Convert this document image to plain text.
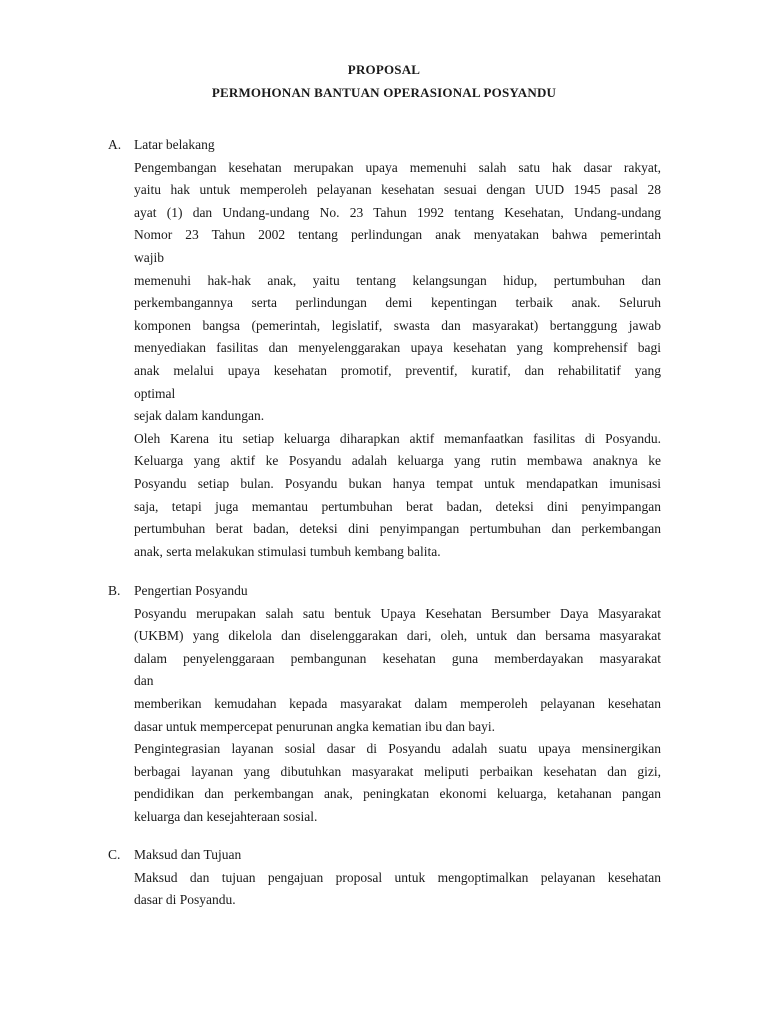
PROPOSAL
PERMOHONAN BANTUAN OPERASIONAL POSYANDU
A. Latar belakang
Pengembangan kesehatan merupakan upaya memenuhi salah satu hak dasar rakyat,
yaitu hak untuk memperoleh pelayanan kesehatan sesuai dengan UUD 1945 pasal 28
ayat (1) dan Undang-undang No. 23 Tahun 1992 tentang Kesehatan, Undang-undang
Nomor 23 Tahun 2002 tentang perlindungan anak menyatakan bahwa pemerintah
wajib
memenuhi hak-hak anak, yaitu tentang kelangsungan hidup, pertumbuhan dan
perkembangannya serta perlindungan demi kepentingan terbaik anak. Seluruh
komponen bangsa (pemerintah, legislatif, swasta dan masyarakat) bertanggung jawab
menyediakan fasilitas dan menyelenggarakan upaya kesehatan yang komprehensif bagi
anak melalui upaya kesehatan promotif, preventif, kuratif, dan rehabilitatif yang
optimal
sejak dalam kandungan.
Oleh Karena itu setiap keluarga diharapkan aktif memanfaatkan fasilitas di Posyandu.
Keluarga yang aktif ke Posyandu adalah keluarga yang rutin membawa anaknya ke
Posyandu setiap bulan. Posyandu bukan hanya tempat untuk mendapatkan imunisasi
saja, tetapi juga memantau pertumbuhan berat badan, deteksi dini penyimpangan
pertumbuhan berat badan, deteksi dini penyimpangan pertumbuhan dan perkembangan
anak, serta melakukan stimulasi tumbuh kembang balita.
B. Pengertian Posyandu
Posyandu merupakan salah satu bentuk Upaya Kesehatan Bersumber Daya Masyarakat
(UKBM) yang dikelola dan diselenggarakan dari, oleh, untuk dan bersama masyarakat
dalam penyelenggaraan pembangunan kesehatan guna memberdayakan masyarakat
dan
memberikan kemudahan kepada masyarakat dalam memperoleh pelayanan kesehatan
dasar untuk mempercepat penurunan angka kematian ibu dan bayi.
Pengintegrasian layanan sosial dasar di Posyandu adalah suatu upaya mensinergikan
berbagai layanan yang dibutuhkan masyarakat meliputi perbaikan kesehatan dan gizi,
pendidikan dan perkembangan anak, peningkatan ekonomi keluarga, ketahanan pangan
keluarga dan kesejahteraan sosial.
C. Maksud dan Tujuan
Maksud dan tujuan pengajuan proposal untuk mengoptimalkan pelayanan kesehatan
dasar di Posyandu.
